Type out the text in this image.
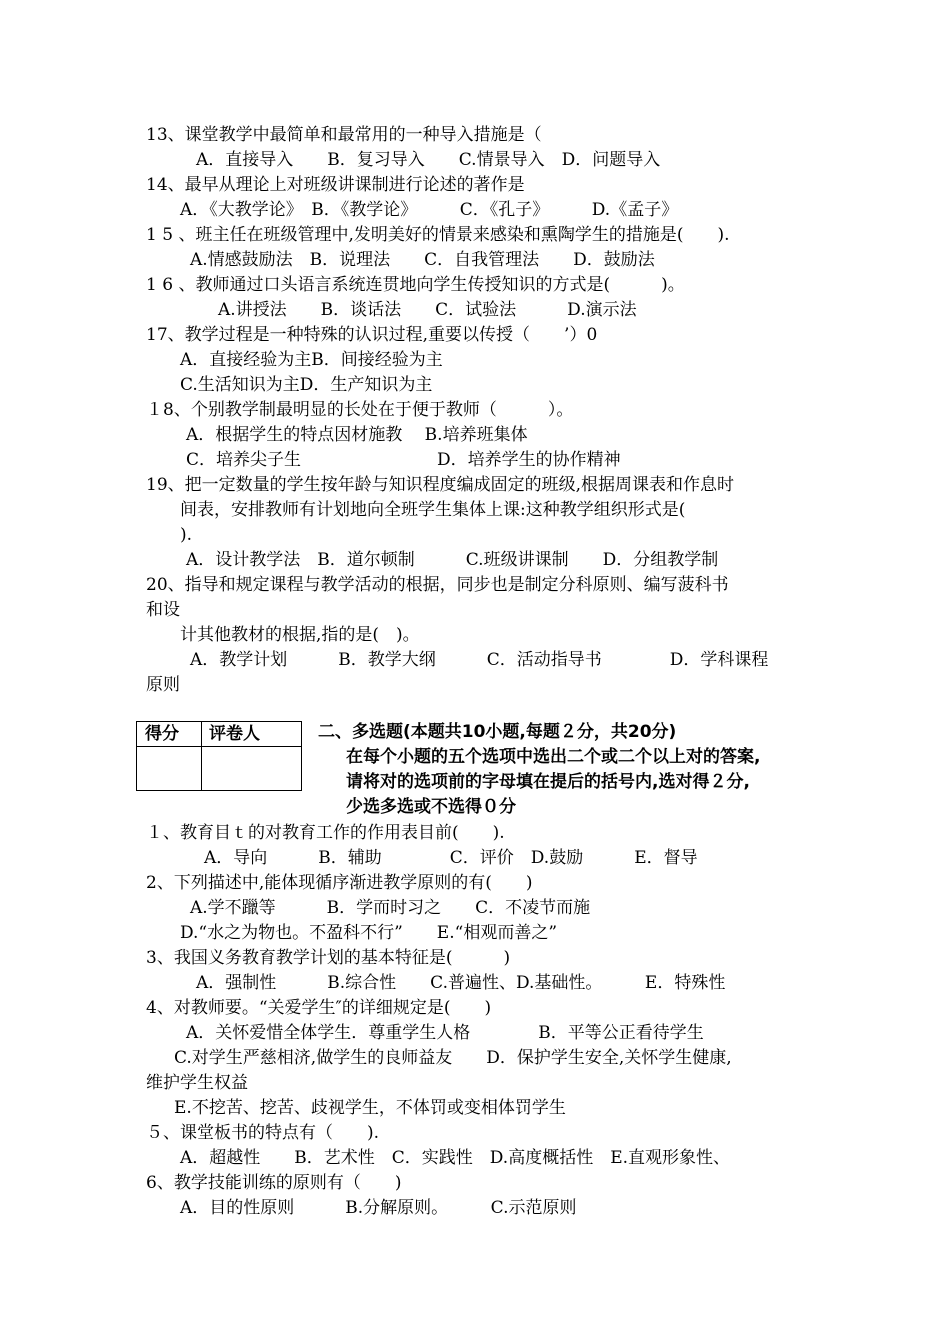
13、课堂教学中最简单和最常用的一种导入措施是（
A．直接导入　　B．复习导入　　C.情景导入　D．问题导入
14、最早从理论上对班级讲课制进行论述的著作是
A．《大教学论》　B．《教学论》　　　C．《孔子》　　　D.《孟子》
1 5 、班主任在班级管理中,发明美好的情景来感染和熏陶学生的措施是(　　).
A.情感鼓励法　B．说理法　　C．自我管理法　　D．鼓励法
1 6 、教师通过口头语言系统连贯地向学生传授知识的方式是(　　　)。
A.讲授法　　B．谈话法　　C．试验法　　　D.演示法
17、教学过程是一种特殊的认识过程,重要以传授（　　’）0
A．直接经验为主B．间接经验为主
C.生活知识为主D．生产知识为主
１8、个别教学制最明显的长处在于便于教师（　　　）。
A．根据学生的特点因材施教　 B.培养班集体
C．培养尖子生　　　　　　　　D．培养学生的协作精神
19、把一定数量的学生按年龄与知识程度编成固定的班级,根据周课表和作息时
间表，安排教师有计划地向全班学生集体上课:这种教学组织形式是(
).
A．设计教学法　B．道尔顿制　　　C.班级讲课制　　D．分组教学制
20、指导和规定课程与教学活动的根据，同步也是制定分科原则、编写菠科书
和设
计其他教材的根据,指的是(　)。
A．教学计划　　　B．教学大纲　　　C．活动指导书　　　　D．学科课程
原则
得分 评卷人	二、多选题(本题共10小题,每题２分，共20分)
在每个小题的五个选项中选出二个或二个以上对的答案,
请将对的选项前的字母填在提后的括号内,选对得２分,
少选多选或不选得０分
１、教育目ｔ的对教育工作的作用表目前(　　).
A．导向　　　B．辅助　　　　C．评价　D.鼓励　　　E．督导
2、下列描述中,能体现循序渐进教学原则的有(　　)
A.学不躐等　　　B．学而时习之　　C．不凌节而施
D.“水之为物也。不盈科不行”　　E.“相观而善之”
3、我国义务教育教学计划的基本特征是(　　　)
A．强制性　　　B.综合性　　C.普遍性、D.基础性。　　　E．特殊性
4、对教师要。“关爱学生″的详细规定是(　　)
A．关怀爱惜全体学生．尊重学生人格　　　　B．平等公正看待学生
C.对学生严慈相济,做学生的良师益友　　D．保护学生安全,关怀学生健康,
维护学生权益
E.不挖苦、挖苦、歧视学生，不体罚或变相体罚学生
５、课堂板书的特点有（　　).
A．超越性　　B．艺术性　C．实践性　D.高度概括性　E.直观形象性、
6、教学技能训练的原则有（　　)
A．目的性原则　　　B.分解原则。　　　C.示范原则
